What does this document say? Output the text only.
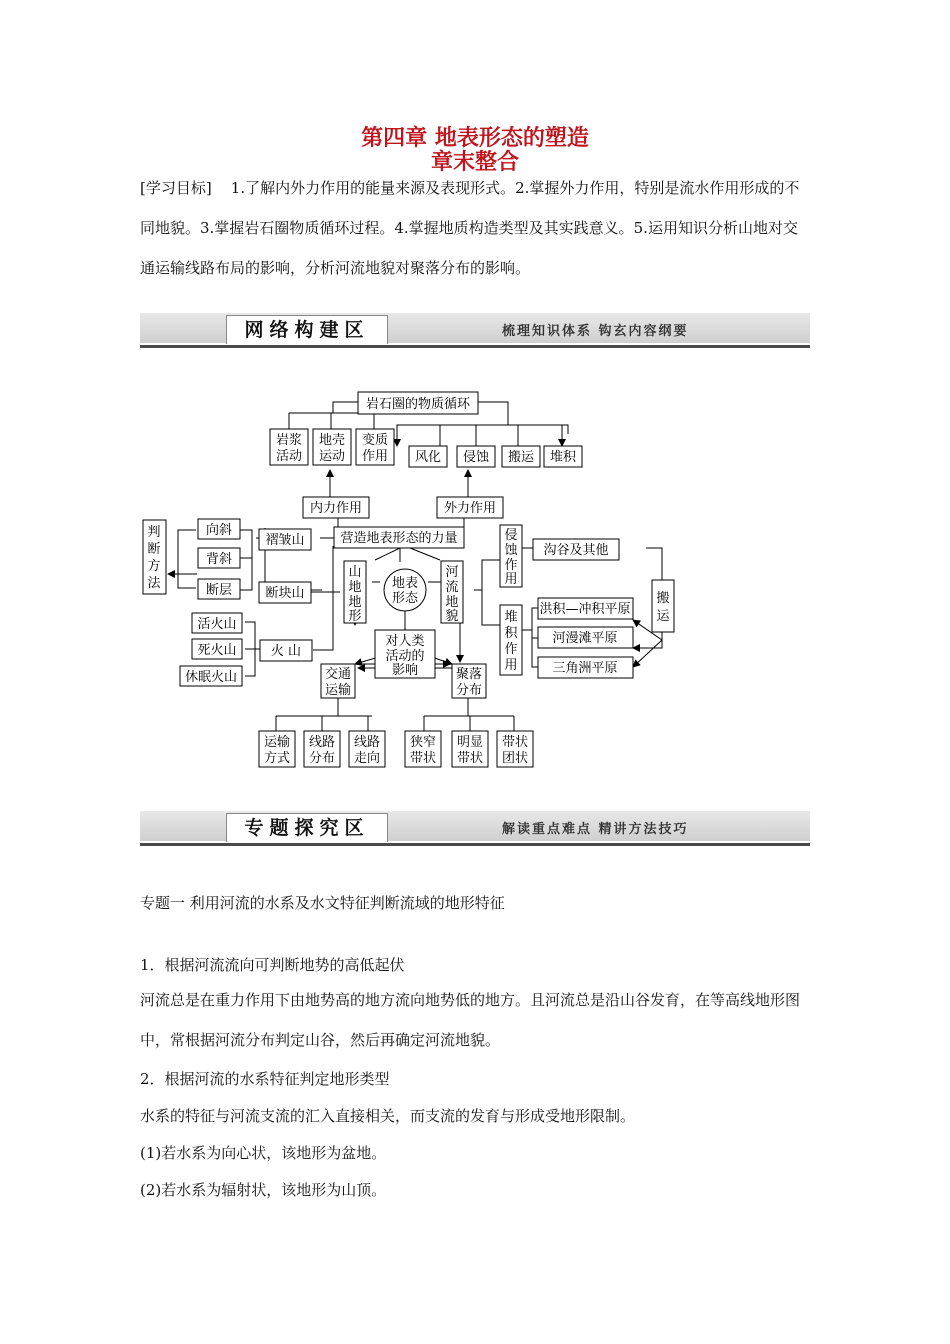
第四章 地表形态的塑造
章末整合
[学习目标] 1.了解内外力作用的能量来源及表现形式。2.掌握外力作用，特别是流水作用形成的不同地貌。3.掌握岩石圈物质循环过程。4.掌握地质构造类型及其实践意义。5.运用知识分析山地对交通运输线路布局的影响，分析河流地貌对聚落分布的影响。
网络构建区	梳理知识体系 钩玄内容纲要
岩石圈的物质循环
岩浆
活动
地壳
运动
变质
作用 风化 侵蚀 搬运 堆积
内力作用	外力作用
营造地表形态的力量
褶皱山
断块山
火 山
向斜
背斜
断层
判
断
方
法
活火山
死火山
休眠火山
山
地
地
形
地表
形态
河
流
地
貌
对人类
活动的
影响
交通
运输
聚落
分布
侵
蚀
作
用
堆
积
作
用
沟谷及其他
搬
运
洪积—冲积平原
河漫滩平原
三角洲平原
运输
方式
线路
分布
线路
走向
狭窄
带状
明显
带状
带状
团状
专题探究区	解读重点难点 精讲方法技巧
专题一 利用河流的水系及水文特征判断流域的地形特征
1．根据河流流向可判断地势的高低起伏
河流总是在重力作用下由地势高的地方流向地势低的地方。且河流总是沿山谷发育，在等高线地形图中，常根据河流分布判定山谷，然后再确定河流地貌。
2．根据河流的水系特征判定地形类型
水系的特征与河流支流的汇入直接相关，而支流的发育与形成受地形限制。
(1)若水系为向心状，该地形为盆地。
(2)若水系为辐射状，该地形为山顶。
